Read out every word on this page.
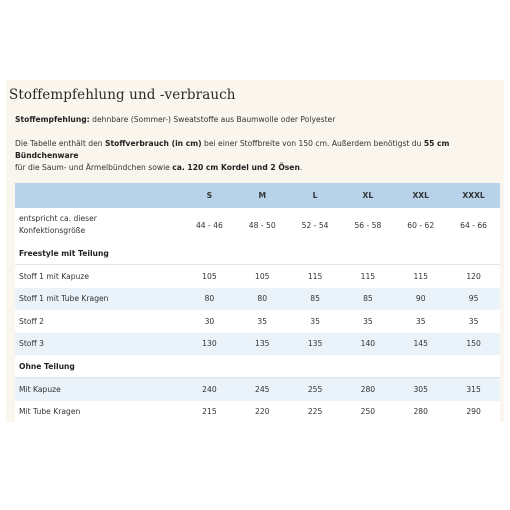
Stoffempfehlung und -verbrauch
Stoffempfehlung: dehnbare (Sommer-) Sweatstoffe aus Baumwolle oder Polyester
Die Tabelle enthält den Stoffverbrauch (in cm) bei einer Stoffbreite von 150 cm. Außerdem benötigst du 55 cm
Bündchenware
für die Saum- und Ärmelbündchen sowie ca. 120 cm Kordel und 2 Ösen.
	S	M	L	XL	XXL	XXXL
entspricht ca. dieser
Konfektionsgröße	44 - 46	48 - 50	52 - 54	56 - 58	60 - 62	64 - 66
Freestyle mit Teilung						
Stoff 1 mit Kapuze	105	105	115	115	115	120
Stoff 1 mit Tube Kragen	80	80	85	85	90	95
Stoff 2	30	35	35	35	35	35
Stoff 3	130	135	135	140	145	150
Ohne Teilung						
Mit Kapuze	240	245	255	280	305	315
Mit Tube Kragen	215	220	225	250	280	290
